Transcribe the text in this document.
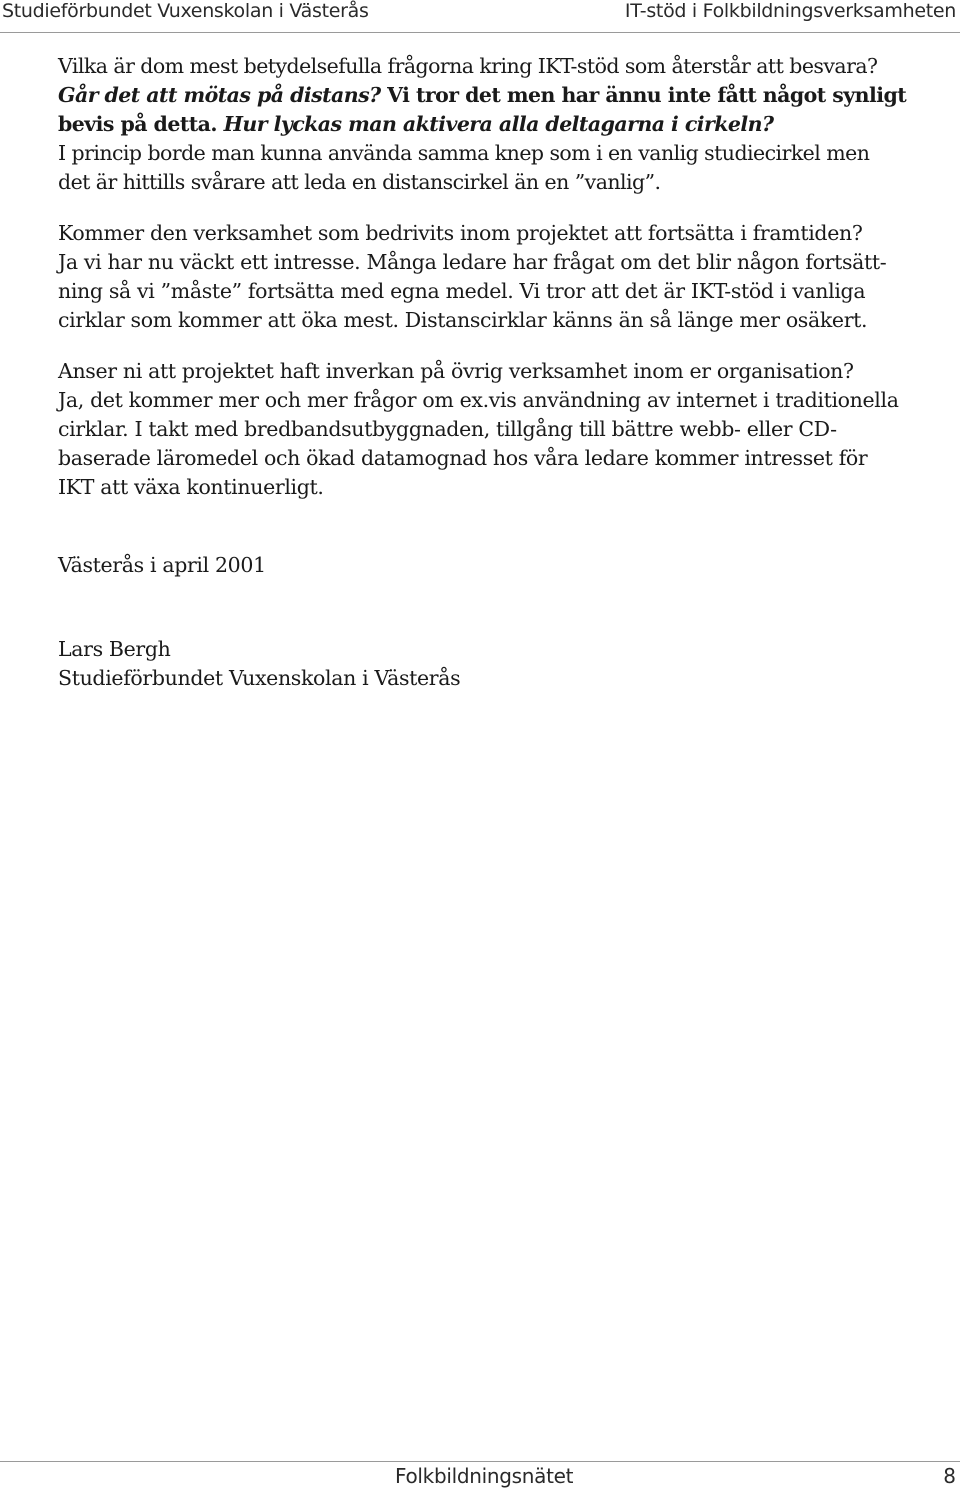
Studieförbundet Vuxenskolan i Västerås	IT-stöd i Folkbildningsverksamheten

Vilka är dom mest betydelsefulla frågorna kring IKT-stöd som återstår att besvara?
Går det att mötas på distans? Vi tror det men har ännu inte fått något synligt
bevis på detta. Hur lyckas man aktivera alla deltagarna i cirkeln?
I princip borde man kunna använda samma knep som i en vanlig studiecirkel men
det är hittills svårare att leda en distanscirkel än en ”vanlig”.

Kommer den verksamhet som bedrivits inom projektet att fortsätta i framtiden?
Ja vi har nu väckt ett intresse. Många ledare har frågat om det blir någon fortsätt-
ning så vi ”måste” fortsätta med egna medel. Vi tror att det är IKT-stöd i vanliga
cirklar som kommer att öka mest. Distanscirklar känns än så länge mer osäkert.

Anser ni att projektet haft inverkan på övrig verksamhet inom er organisation?
Ja, det kommer mer och mer frågor om ex.vis användning av internet i traditionella
cirklar. I takt med bredbandsutbyggnaden, tillgång till bättre webb- eller CD-
baserade läromedel och ökad datamognad hos våra ledare kommer intresset för
IKT att växa kontinuerligt.

Västerås i april 2001
Lars Bergh
Studieförbundet Vuxenskolan i Västerås
Folkbildningsnätet	8
